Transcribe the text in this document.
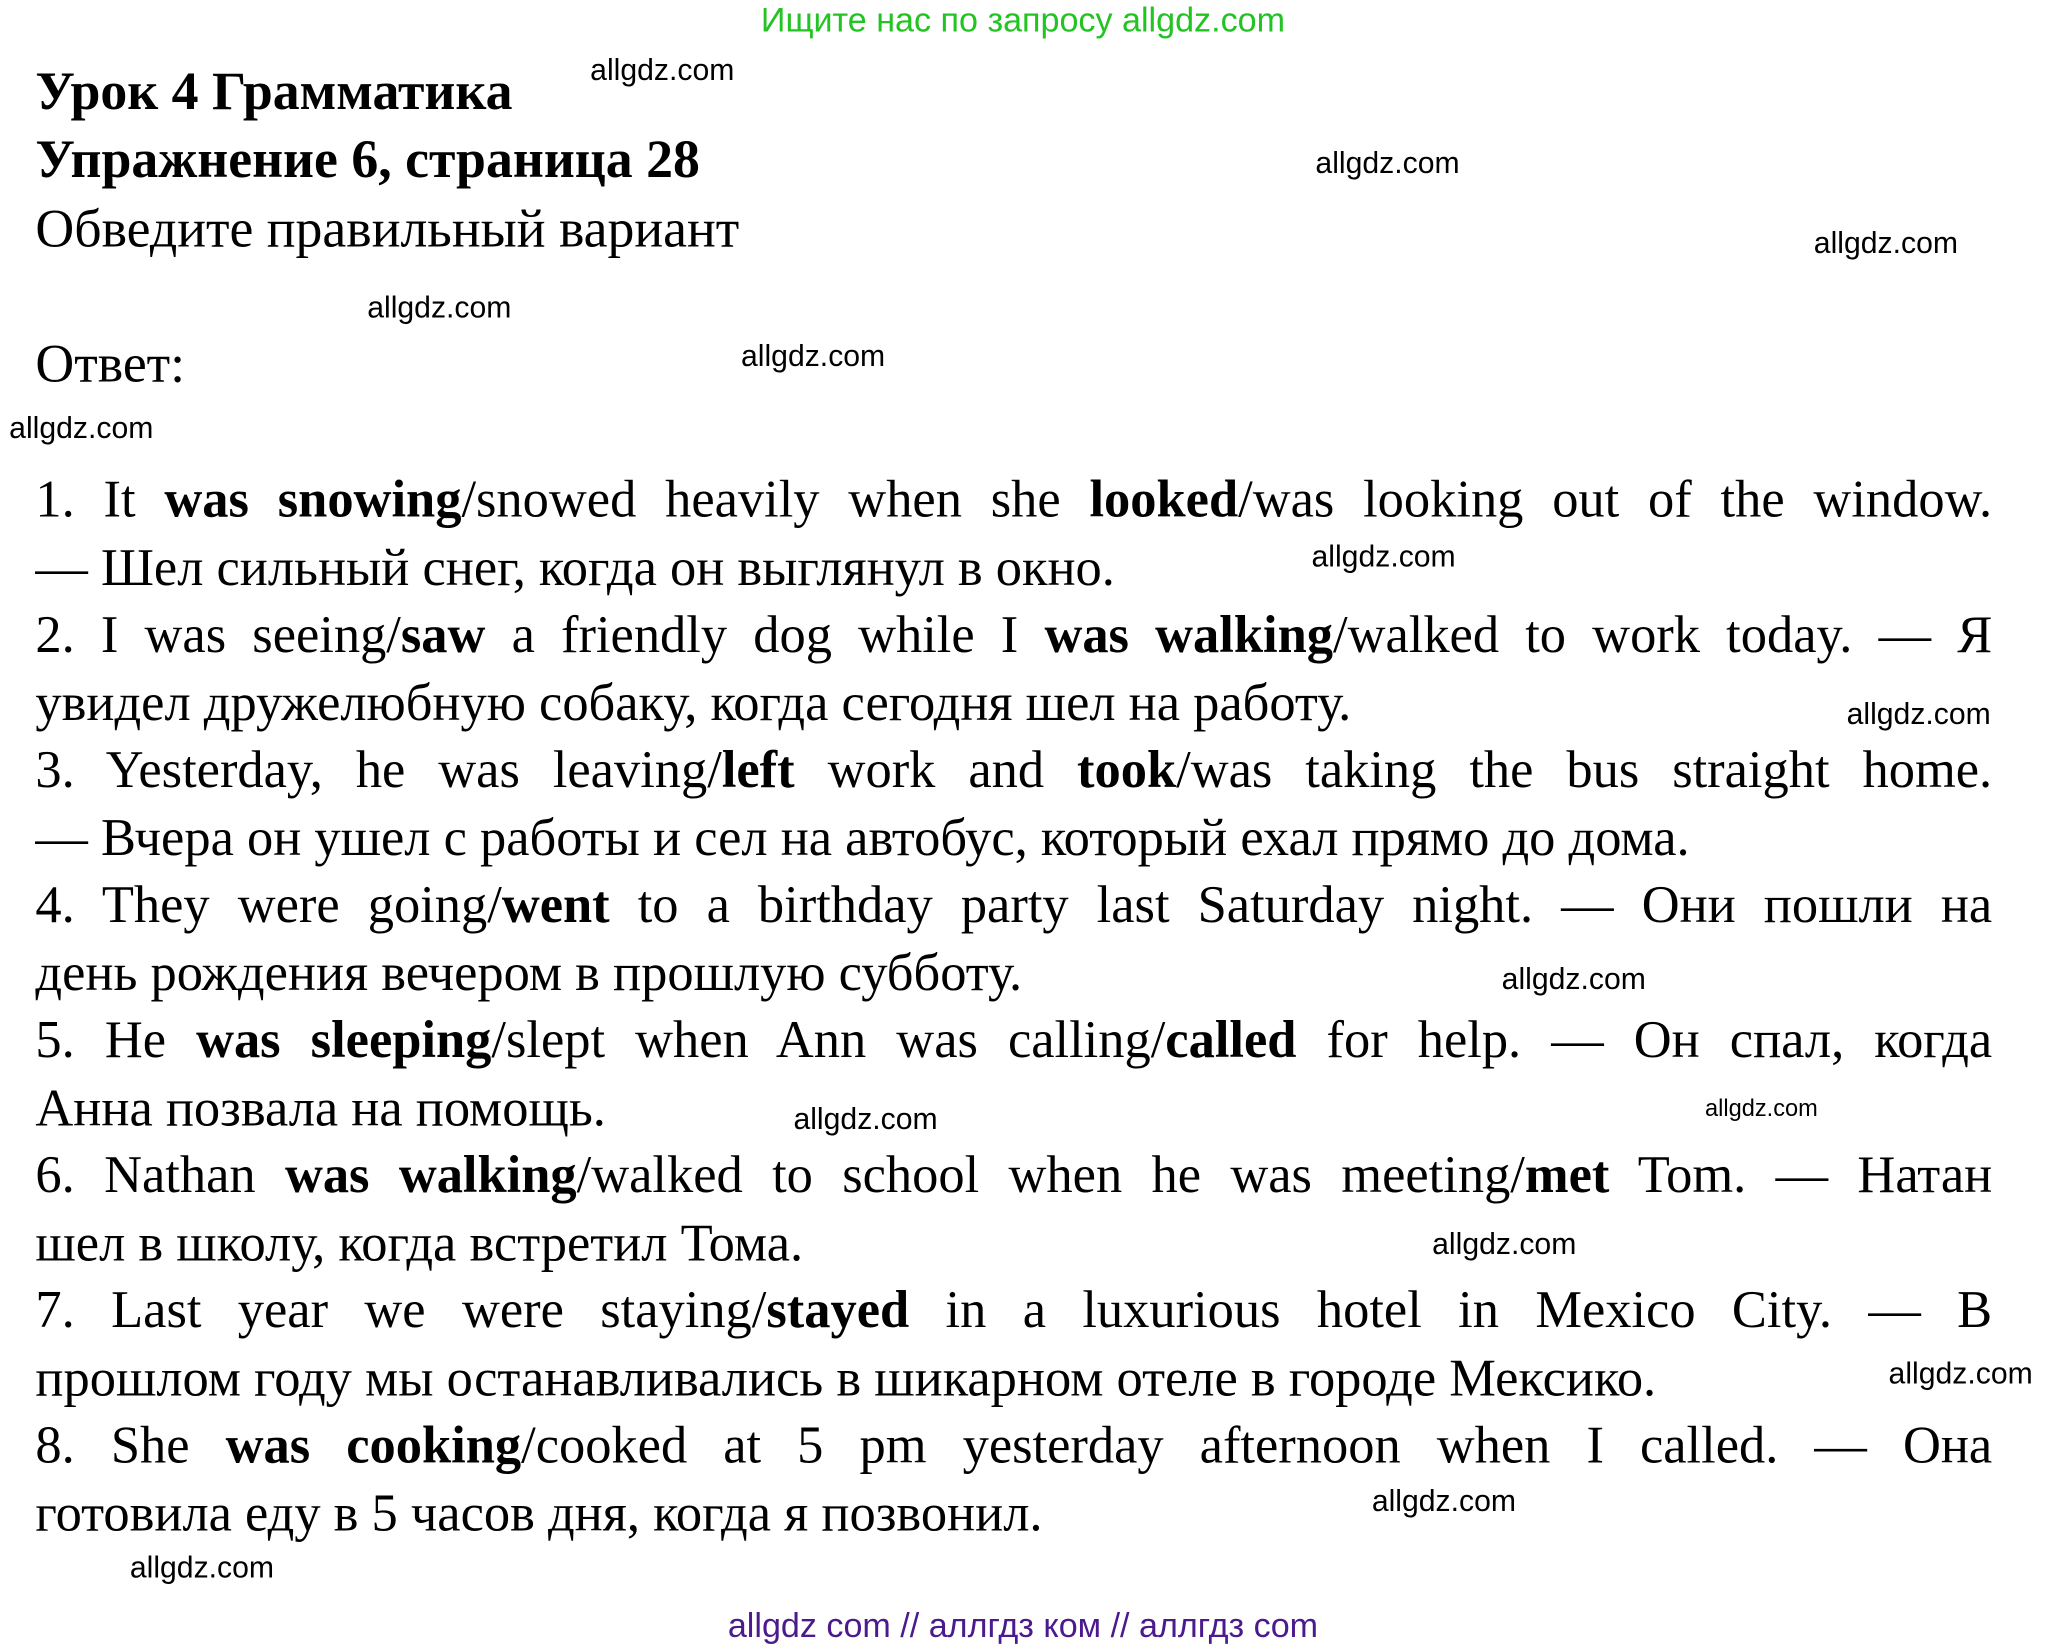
Ищите нас по запросу allgdz.com
Урок 4 Грамматика
Упражнение 6, страница 28
Обведите правильный вариант
Ответ:
1. It was snowing/snowed heavily when she looked/was looking out of the window.
— Шел сильный снег, когда он выглянул в окно.
2. I was seeing/saw a friendly dog while I was walking/walked to work today. — Я
увидел дружелюбную собаку, когда сегодня шел на работу.
3. Yesterday, he was leaving/left work and took/was taking the bus straight home.
— Вчера он ушел с работы и сел на автобус, который ехал прямо до дома.
4. They were going/went to a birthday party last Saturday night. — Они пошли на
день рождения вечером в прошлую субботу.
5. He was sleeping/slept when Ann was calling/called for help. — Он спал, когда
Анна позвала на помощь.
6. Nathan was walking/walked to school when he was meeting/met Tom. — Натан
шел в школу, когда встретил Тома.
7. Last year we were staying/stayed in a luxurious hotel in Mexico City. — В
прошлом году мы останавливались в шикарном отеле в городе Мексико.
8. She was cooking/cooked at 5 pm yesterday afternoon when I called. — Она
готовила еду в 5 часов дня, когда я позвонил.
allgdz.com
allgdz.com
allgdz.com
allgdz.com
allgdz.com
allgdz.com
allgdz.com
allgdz.com
allgdz.com
allgdz.com
allgdz.com
allgdz.com
allgdz.com
allgdz.com
allgdz.com
allgdz com // аллгдз ком // аллгдз com
